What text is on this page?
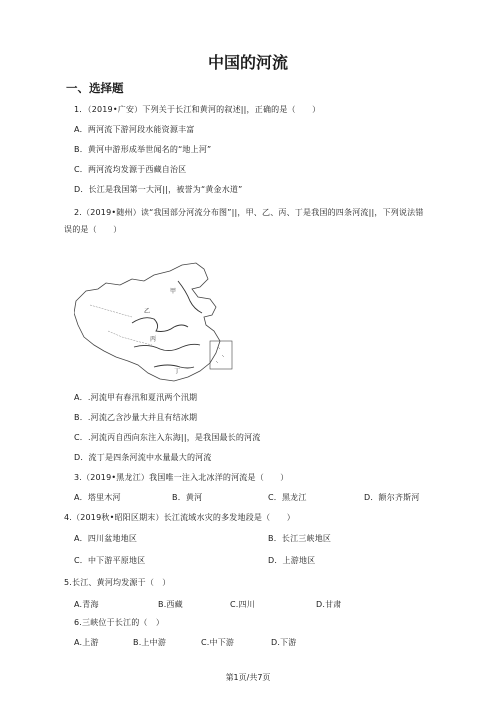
中国的河流
一、选择题
1．（2019•广安）下列关于长江和黄河的叙述||，正确的是（　　）
A．两河流下游河段水能资源丰富
B．黄河中游形成举世闻名的“地上河”
C．两河流均发源于西藏自治区
D．长江是我国第一大河||，被誉为“黄金水道”
2.（2019•随州）读“我国部分河流分布图”||，甲、乙、丙、丁是我国的四条河流||，下列说法错
误的是（　　）
甲
乙
丙
丁
A．.河流甲有春汛和夏汛两个汛期
B．.河流乙含沙量大并且有结冰期
C．.河流丙自西向东注入东海||，是我国最长的河流
D．流丁是四条河流中水量最大的河流
3.（2019•黑龙江）我国唯一注入北冰洋的河流是（　　）
A．塔里木河	B．黄河	C．黑龙江	D．额尔齐斯河
4.（2019秋•昭阳区期末）长江流域水灾的多发地段是（　　）
A．四川盆地地区	B．长江三峡地区
C．中下游平原地区	D．上游地区
5.长江、黄河均发源于（　）
A.青海	B.西藏	C.四川	D.甘肃
6.三峡位于长江的（　）
A.上游	B.上中游	C.中下游	D.下游
第1页/共7页
